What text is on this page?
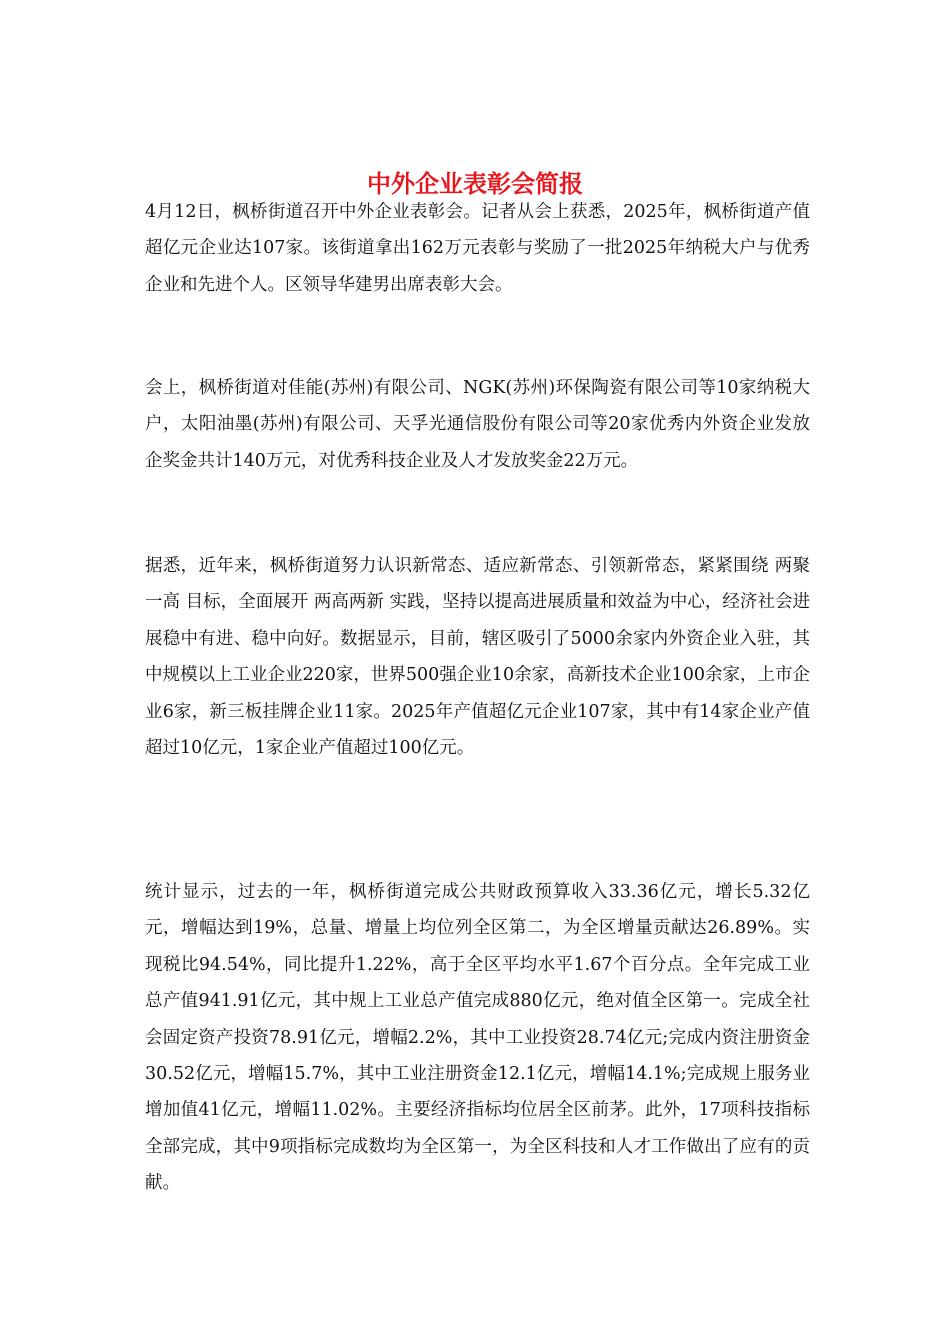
中外企业表彰会简报

4月12日，枫桥街道召开中外企业表彰会。记者从会上获悉，2025年，枫桥街道产值超亿元企业达107家。该街道拿出162万元表彰与奖励了一批2025年纳税大户与优秀企业和先进个人。区领导华建男出席表彰大会。

会上，枫桥街道对佳能(苏州)有限公司、NGK(苏州)环保陶瓷有限公司等10家纳税大户，太阳油墨(苏州)有限公司、天孚光通信股份有限公司等20家优秀内外资企业发放企奖金共计140万元，对优秀科技企业及人才发放奖金22万元。

据悉，近年来，枫桥街道努力认识新常态、适应新常态、引领新常态，紧紧围绕 两聚一高 目标，全面展开 两高两新 实践，坚持以提高进展质量和效益为中心，经济社会进展稳中有进、稳中向好。数据显示，目前，辖区吸引了5000余家内外资企业入驻，其中规模以上工业企业220家，世界500强企业10余家，高新技术企业100余家，上市企业6家，新三板挂牌企业11家。2025年产值超亿元企业107家，其中有14家企业产值超过10亿元，1家企业产值超过100亿元。

统计显示，过去的一年，枫桥街道完成公共财政预算收入33.36亿元，增长5.32亿元，增幅达到19%，总量、增量上均位列全区第二，为全区增量贡献达26.89%。实现税比94.54%，同比提升1.22%，高于全区平均水平1.67个百分点。全年完成工业总产值941.91亿元，其中规上工业总产值完成880亿元，绝对值全区第一。完成全社会固定资产投资78.91亿元，增幅2.2%，其中工业投资28.74亿元;完成内资注册资金30.52亿元，增幅15.7%，其中工业注册资金12.1亿元，增幅14.1%;完成规上服务业增加值41亿元，增幅11.02%。主要经济指标均位居全区前茅。此外，17项科技指标全部完成，其中9项指标完成数均为全区第一，为全区科技和人才工作做出了应有的贡献。
